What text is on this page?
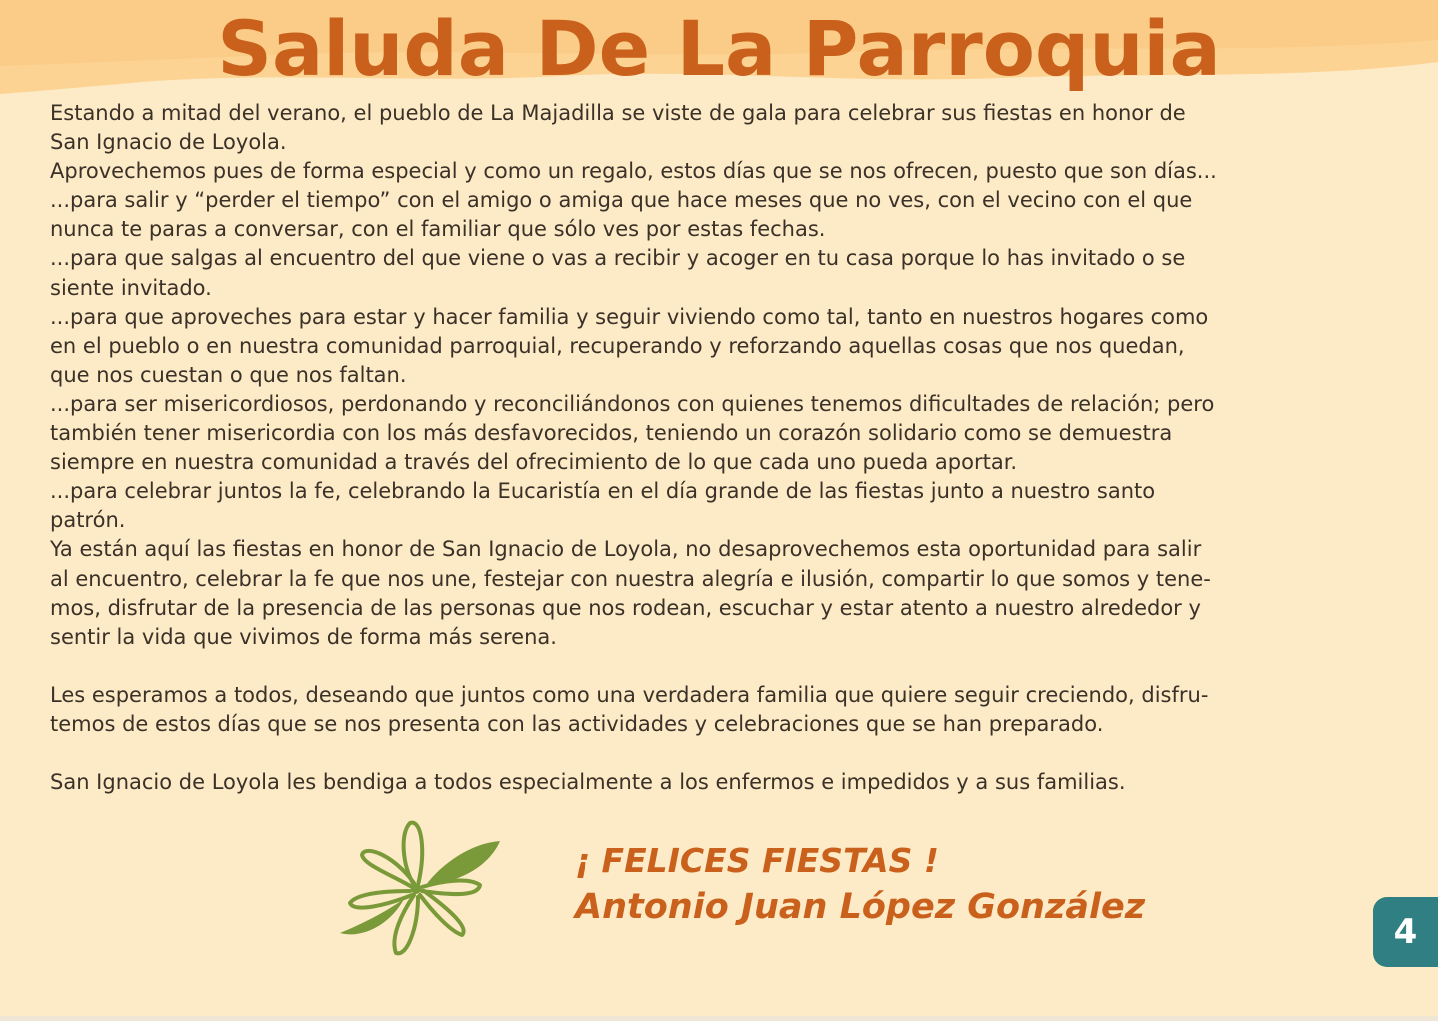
Saluda De La Parroquia

Estando a mitad del verano, el pueblo de La Majadilla se viste de gala para celebrar sus fiestas en honor de

San Ignacio de Loyola.

Aprovechemos pues de forma especial y como un regalo, estos días que se nos ofrecen, puesto que son días...

...para salir y “perder el tiempo” con el amigo o amiga que hace meses que no ves, con el vecino con el que

nunca te paras a conversar, con el familiar que sólo ves por estas fechas.

...para que salgas al encuentro del que viene o vas a recibir y acoger en tu casa porque lo has invitado o se

siente invitado.

...para que aproveches para estar y hacer familia y seguir viviendo como tal, tanto en nuestros hogares como

en el pueblo o en nuestra comunidad parroquial, recuperando y reforzando aquellas cosas que nos quedan,

que nos cuestan o que nos faltan.

...para ser misericordiosos, perdonando y reconciliándonos con quienes tenemos dificultades de relación; pero

también tener misericordia con los más desfavorecidos, teniendo un corazón solidario como se demuestra

siempre en nuestra comunidad a través del ofrecimiento de lo que cada uno pueda aportar.

...para celebrar juntos la fe, celebrando la Eucaristía en el día grande de las fiestas junto a nuestro santo

patrón.

Ya están aquí las fiestas en honor de San Ignacio de Loyola, no desaprovechemos esta oportunidad para salir

al encuentro, celebrar la fe que nos une, festejar con nuestra alegría e ilusión, compartir lo que somos y tene-

mos, disfrutar de la presencia de las personas que nos rodean, escuchar y estar atento a nuestro alrededor y

sentir la vida que vivimos de forma más serena.

Les esperamos a todos, deseando que juntos como una verdadera familia que quiere seguir creciendo, disfru-

temos de estos días que se nos presenta con las actividades y celebraciones que se han preparado.

San Ignacio de Loyola les bendiga a todos especialmente a los enfermos e impedidos y a sus familias.

¡ FELICES FIESTAS !
Antonio Juan López González
4
